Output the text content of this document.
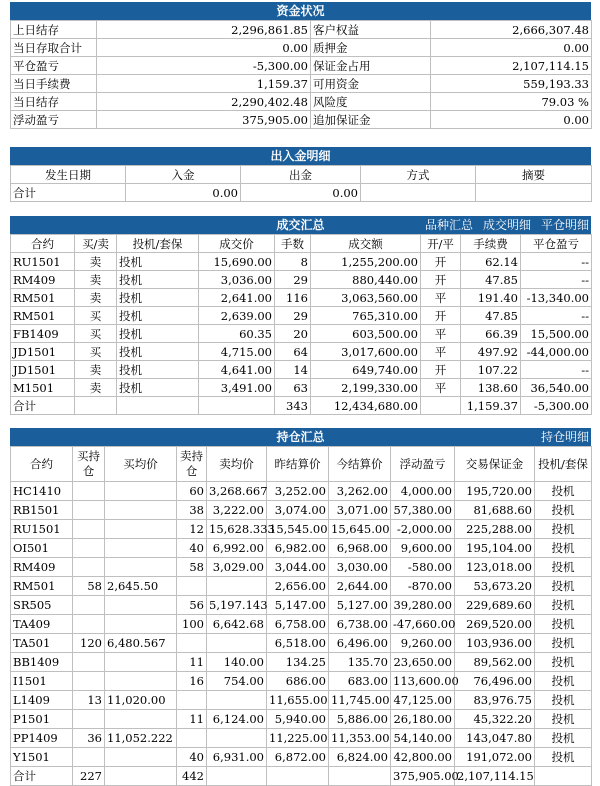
资金状况
上日结存	2,296,861.85	客户权益	2,666,307.48
当日存取合计	0.00	质押金	0.00
平仓盈亏	-5,300.00	保证金占用	2,107,114.15
当日手续费	1,159.37	可用资金	559,193.33
当日结存	2,290,402.48	风险度	79.03 %
浮动盈亏	375,905.00	追加保证金	0.00
出入金明细
发生日期	入金	出金	方式	摘要
合计	0.00	0.00		
成交汇总	品种汇总 成交明细 平仓明细
合约	买/卖	投机/套保	成交价	手数	成交额	开/平	手续费	平仓盈亏
RU1501	卖	投机	15,690.00	8	1,255,200.00	开	62.14	--
RM409	卖	投机	3,036.00	29	880,440.00	开	47.85	--
RM501	卖	投机	2,641.00	116	3,063,560.00	平	191.40	-13,340.00
RM501	买	投机	2,639.00	29	765,310.00	开	47.85	--
FB1409	买	投机	60.35	20	603,500.00	平	66.39	15,500.00
JD1501	买	投机	4,715.00	64	3,017,600.00	平	497.92	-44,000.00
JD1501	卖	投机	4,641.00	14	649,740.00	开	107.22	--
M1501	卖	投机	3,491.00	63	2,199,330.00	平	138.60	36,540.00
合计				343	12,434,680.00		1,159.37	-5,300.00
持仓汇总	持仓明细
合约	买持仓	买均价	卖持仓	卖均价	昨结算价	今结算价	浮动盈亏	交易保证金	投机/套保
HC1410			60	3,268.667	3,252.00	3,262.00	4,000.00	195,720.00	投机
RB1501			38	3,222.00	3,074.00	3,071.00	57,380.00	81,688.60	投机
RU1501			12	15,628.333	15,545.00	15,645.00	-2,000.00	225,288.00	投机
OI501			40	6,992.00	6,982.00	6,968.00	9,600.00	195,104.00	投机
RM409			58	3,029.00	3,044.00	3,030.00	-580.00	123,018.00	投机
RM501	58	2,645.50			2,656.00	2,644.00	-870.00	53,673.20	投机
SR505			56	5,197.143	5,147.00	5,127.00	39,280.00	229,689.60	投机
TA409			100	6,642.68	6,758.00	6,738.00	-47,660.00	269,520.00	投机
TA501	120	6,480.567			6,518.00	6,496.00	9,260.00	103,936.00	投机
BB1409			11	140.00	134.25	135.70	23,650.00	89,562.00	投机
I1501			16	754.00	686.00	683.00	113,600.00	76,496.00	投机
L1409	13	11,020.00			11,655.00	11,745.00	47,125.00	83,976.75	投机
P1501			11	6,124.00	5,940.00	5,886.00	26,180.00	45,322.20	投机
PP1409	36	11,052.222			11,225.00	11,353.00	54,140.00	143,047.80	投机
Y1501			40	6,931.00	6,872.00	6,824.00	42,800.00	191,072.00	投机
合计	227		442				375,905.00	2,107,114.15	
